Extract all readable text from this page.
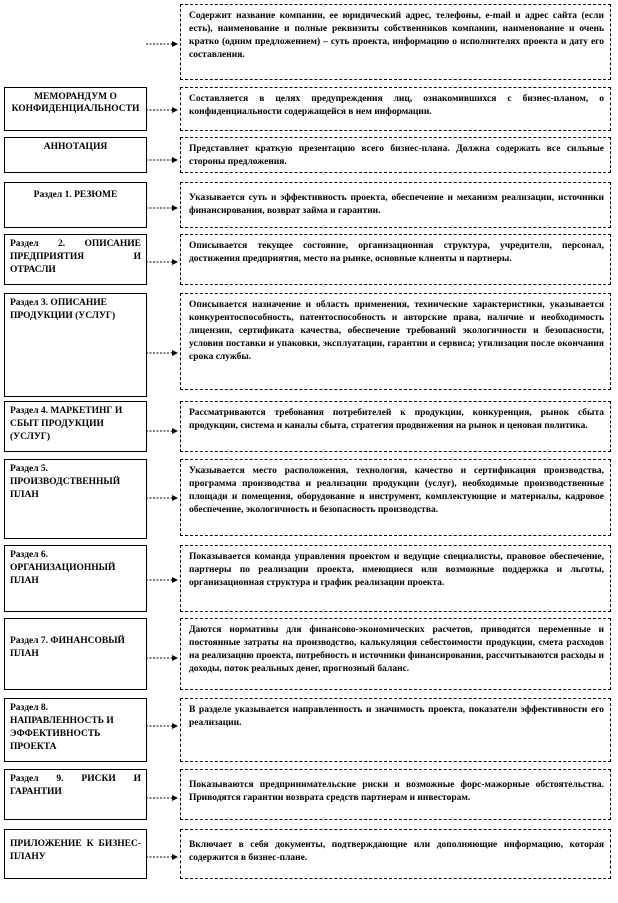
Содержит название компании, ее юридический адрес, телефоны, e-mail и адрес сайта (если есть), наименование и полные реквизиты собственников компании, наименование и очень кратко (одним предложением) – суть проекта, информацию о исполнителях проекта и дату его составления.
МЕМОРАНДУМ О КОНФИДЕНЦИАЛЬНОСТИ
Составляется в целях предупреждения лиц, ознакомившихся с бизнес-планом, о конфиденциальности содержащейся в нем информации.
АННОТАЦИЯ	Представляет краткую презентацию всего бизнес-плана. Должна содержать все сильные стороны предложения.
Раздел 1. РЕЗЮМЕ	Указывается суть и эффективность проекта, обеспечение и механизм реализации, источники финансирования, возврат займа и гарантии.
Раздел 2. ОПИСАНИЕ ПРЕДПРИЯТИЯ И ОТРАСЛИ
Описывается текущее состояние, организационная структура, учредители, персонал, достижения предприятия, место на рынке, основные клиенты и партнеры.
Раздел 3. ОПИСАНИЕ ПРОДУКЦИИ (УСЛУГ)
Описывается назначение и область применения, технические характеристики, указывается конкурентоспособность, патентоспособность и авторские права, наличие и необходимость лицензии, сертификата качества, обеспечение требований экологичности и безопасности, условия поставки и упаковки, эксплуатации, гарантии и сервиса; утилизация после окончания срока службы.
Раздел 4. МАРКЕТИНГ И СБЫТ ПРОДУКЦИИ (УСЛУГ)
Рассматриваются требования потребителей к продукции, конкуренция, рынок сбыта продукции, система и каналы сбыта, стратегия продвижения на рынок и ценовая политика.
Раздел 5. ПРОИЗВОДСТВЕННЫЙ ПЛАН
Указывается место расположения, технология, качество и сертификация производства, программа производства и реализации продукции (услуг), необходимые производственные площади и помещения, оборудование и инструмент, комплектующие и материалы, кадровое обеспечение, экологичность и безопасность производства.
Раздел 6. ОРГАНИЗАЦИОННЫЙ ПЛАН
Показывается команда управления проектом и ведущие специалисты, правовое обеспечение, партнеры по реализации проекта, имеющиеся или возможные поддержка и льготы, организационная структура и график реализации проекта.
Раздел 7. ФИНАНСОВЫЙ ПЛАН
Даются нормативы для финансово-экономических расчетов, приводятся переменные и постоянные затраты на производство, калькуляция себестоимости продукции, смета расходов на реализацию проекта, потребность и источники финансирования, рассчитываются расходы и доходы, поток реальных денег, прогнозный баланс.
Раздел 8. НАПРАВЛЕННОСТЬ И ЭФФЕКТИВНОСТЬ ПРОЕКТА
В разделе указывается направленность и значимость проекта, показатели эффективности его реализации.
Раздел 9. РИСКИ И ГАРАНТИИ
Показываются предпринимательские риски и возможные форс-мажорные обстоятельства. Приводятся гарантии возврата средств партнерам и инвесторам.
ПРИЛОЖЕНИЕ К БИЗНЕС-ПЛАНУ
Включает в себя документы, подтверждающие или дополняющие информацию, которая содержится в бизнес-плане.
